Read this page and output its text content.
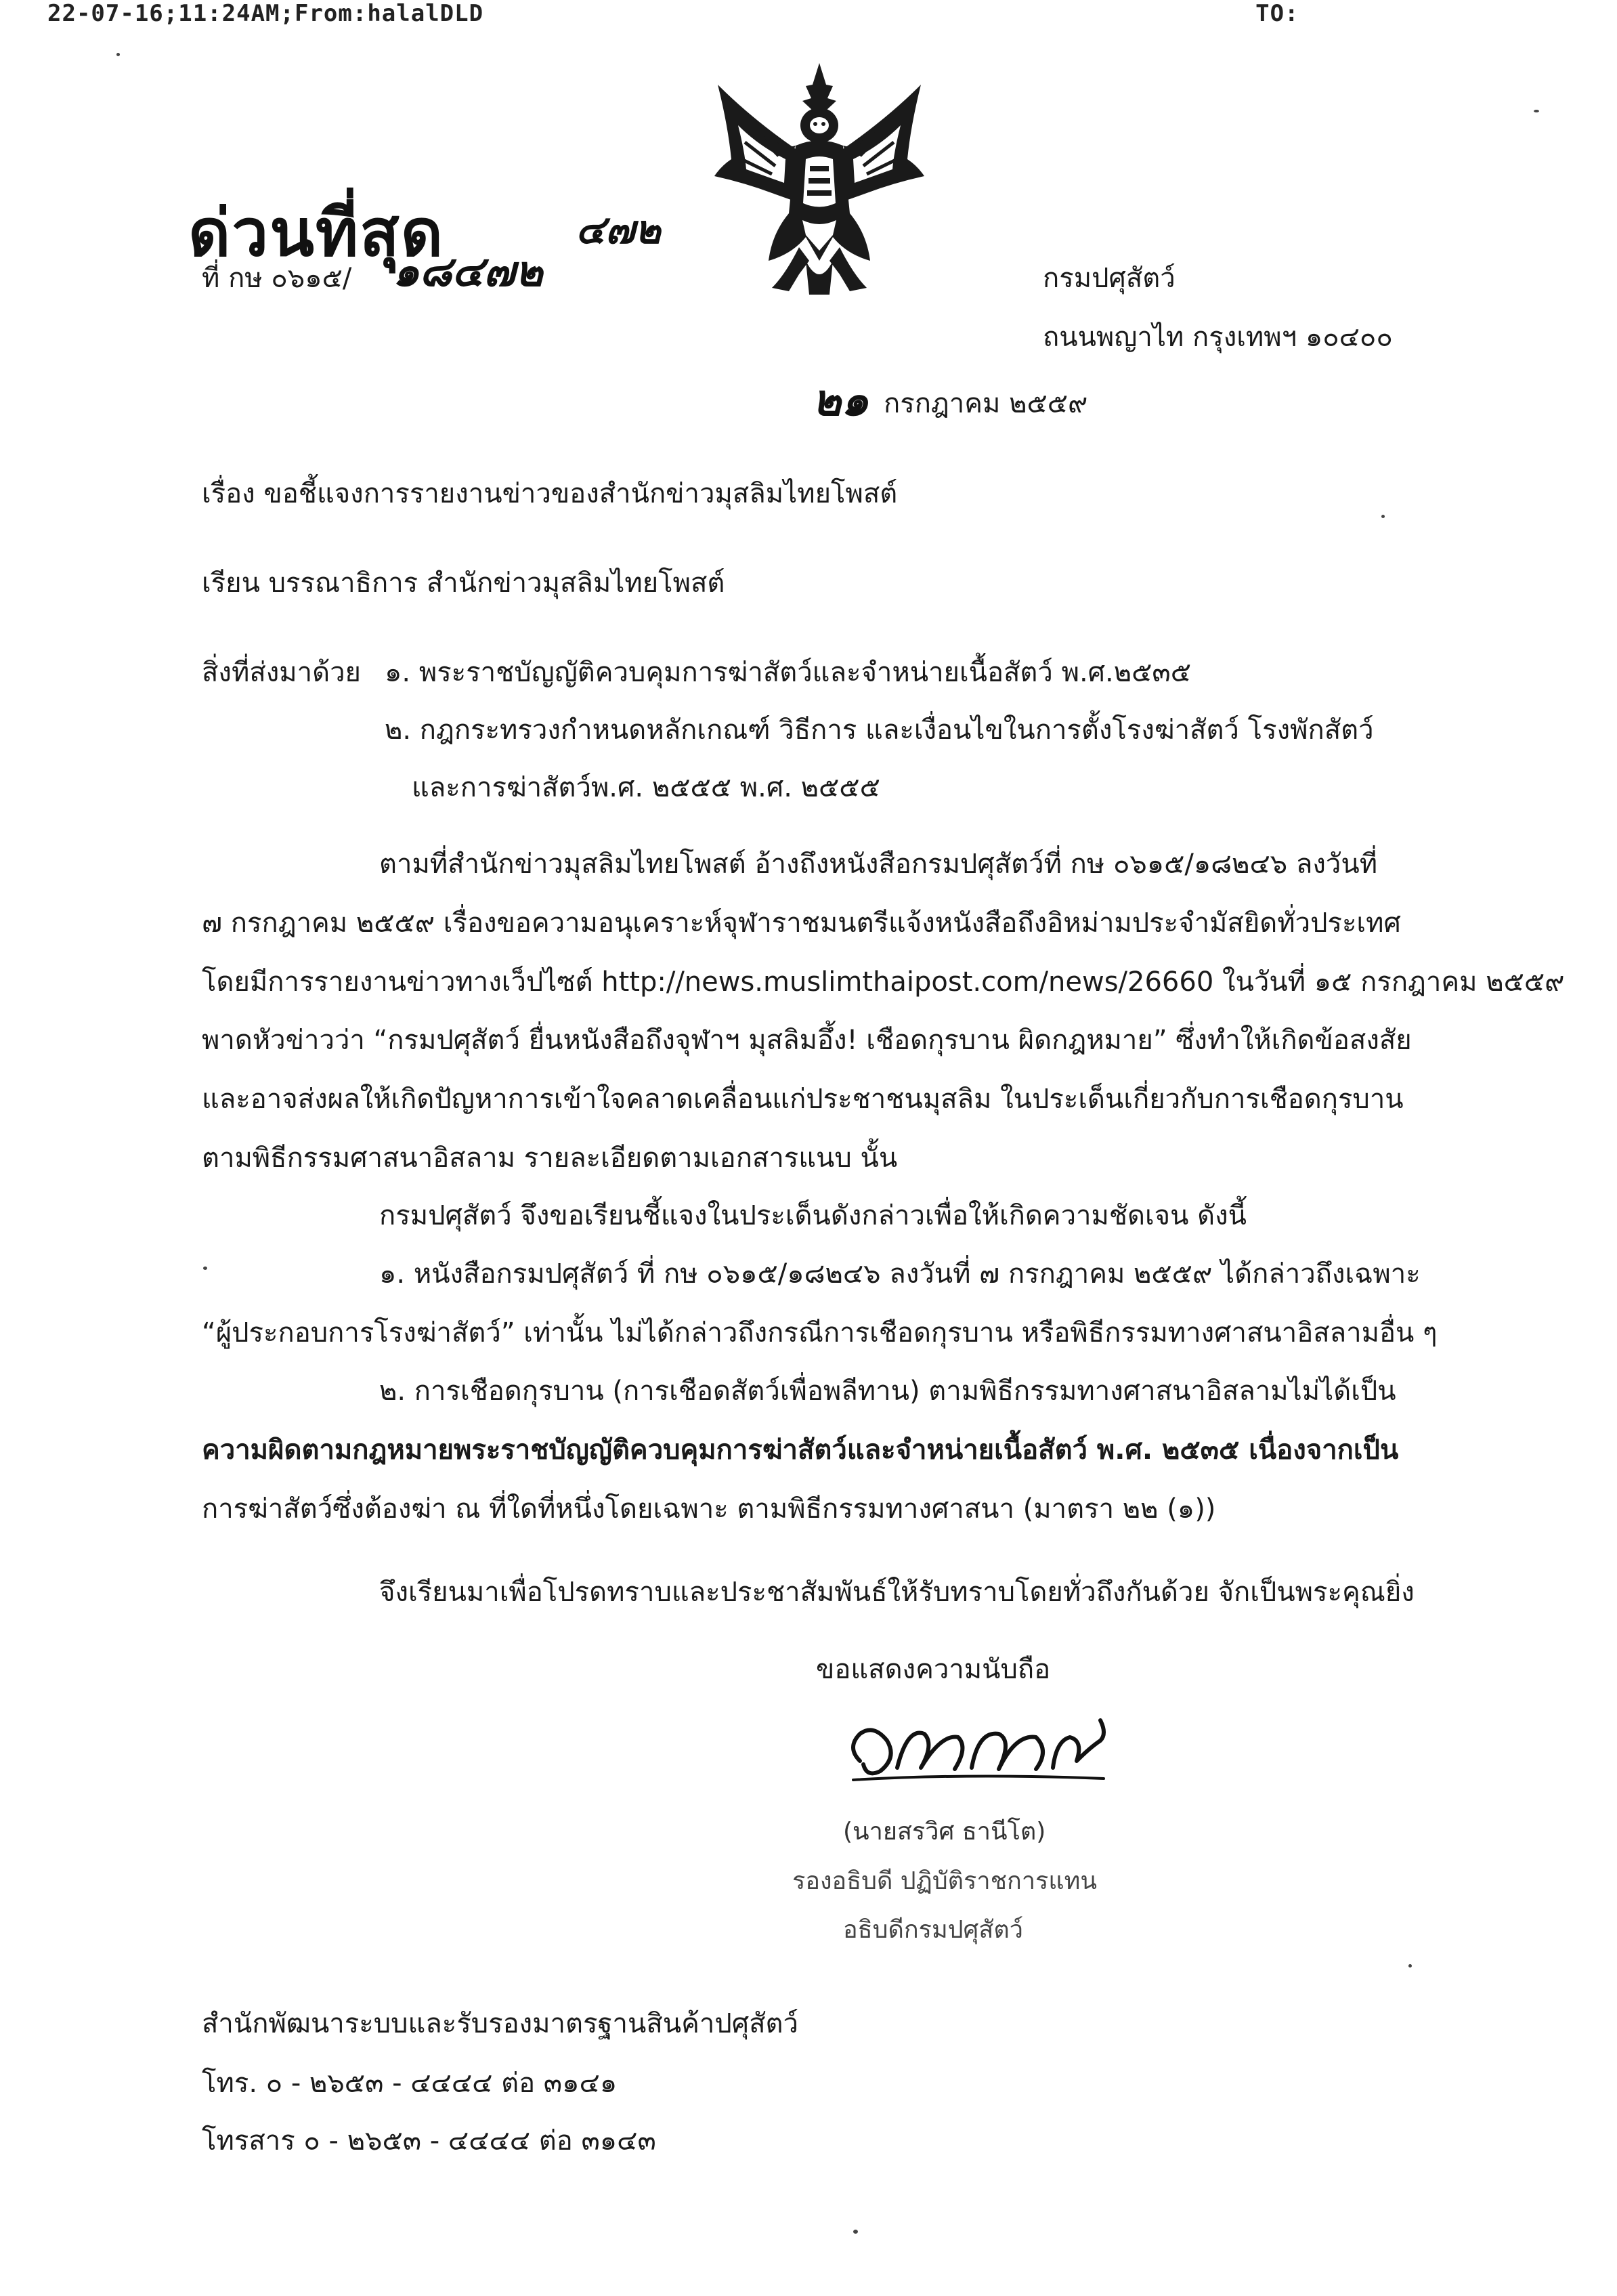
22-07-16;11:24AM;From:halalDLD	TO:
ด่วนที่สุด	๔๗๒
ที่ กษ ๐๖๑๕/ ๑๘๔๗๒	กรมปศุสัตว์
ถนนพญาไท กรุงเทพฯ ๑๐๔๐๐
๒๑ กรกฎาคม ๒๕๕๙
เรื่อง ขอชี้แจงการรายงานข่าวของสำนักข่าวมุสลิมไทยโพสต์
เรียน บรรณาธิการ สำนักข่าวมุสลิมไทยโพสต์
สิ่งที่ส่งมาด้วย ๑. พระราชบัญญัติควบคุมการฆ่าสัตว์และจำหน่ายเนื้อสัตว์ พ.ศ.๒๕๓๕
๒. กฎกระทรวงกำหนดหลักเกณฑ์ วิธีการ และเงื่อนไขในการตั้งโรงฆ่าสัตว์ โรงพักสัตว์
และการฆ่าสัตว์พ.ศ. ๒๕๕๕ พ.ศ. ๒๕๕๕
ตามที่สำนักข่าวมุสลิมไทยโพสต์ อ้างถึงหนังสือกรมปศุสัตว์ที่ กษ ๐๖๑๕/๑๘๒๔๖ ลงวันที่
๗ กรกฎาคม ๒๕๕๙ เรื่องขอความอนุเคราะห์จุฬาราชมนตรีแจ้งหนังสือถึงอิหม่ามประจำมัสยิดทั่วประเทศ
โดยมีการรายงานข่าวทางเว็ปไซต์ http://news.muslimthaipost.com/news/26660 ในวันที่ ๑๕ กรกฎาคม ๒๕๕๙
พาดหัวข่าวว่า “กรมปศุสัตว์ ยื่นหนังสือถึงจุฬาฯ มุสลิมอึ้ง! เชือดกุรบาน ผิดกฎหมาย” ซึ่งทำให้เกิดข้อสงสัย
และอาจส่งผลให้เกิดปัญหาการเข้าใจคลาดเคลื่อนแก่ประชาชนมุสลิม ในประเด็นเกี่ยวกับการเชือดกุรบาน
ตามพิธีกรรมศาสนาอิสลาม รายละเอียดตามเอกสารแนบ นั้น
กรมปศุสัตว์ จึงขอเรียนชี้แจงในประเด็นดังกล่าวเพื่อให้เกิดความชัดเจน ดังนี้
๑. หนังสือกรมปศุสัตว์ ที่ กษ ๐๖๑๕/๑๘๒๔๖ ลงวันที่ ๗ กรกฎาคม ๒๕๕๙ ได้กล่าวถึงเฉพาะ
“ผู้ประกอบการโรงฆ่าสัตว์” เท่านั้น ไม่ได้กล่าวถึงกรณีการเชือดกุรบาน หรือพิธีกรรมทางศาสนาอิสลามอื่น ๆ
๒. การเชือดกุรบาน (การเชือดสัตว์เพื่อพลีทาน) ตามพิธีกรรมทางศาสนาอิสลามไม่ได้เป็น
ความผิดตามกฎหมายพระราชบัญญัติควบคุมการฆ่าสัตว์และจำหน่ายเนื้อสัตว์ พ.ศ. ๒๕๓๕ เนื่องจากเป็น
การฆ่าสัตว์ซึ่งต้องฆ่า ณ ที่ใดที่หนึ่งโดยเฉพาะ ตามพิธีกรรมทางศาสนา (มาตรา ๒๒ (๑))
จึงเรียนมาเพื่อโปรดทราบและประชาสัมพันธ์ให้รับทราบโดยทั่วถึงกันด้วย จักเป็นพระคุณยิ่ง
ขอแสดงความนับถือ
(นายสรวิศ ธานีโต)
รองอธิบดี ปฏิบัติราชการแทน
อธิบดีกรมปศุสัตว์
สำนักพัฒนาระบบและรับรองมาตรฐานสินค้าปศุสัตว์
โทร. ๐ - ๒๖๕๓ - ๔๔๔๔ ต่อ ๓๑๔๑
โทรสาร ๐ - ๒๖๕๓ - ๔๔๔๔ ต่อ ๓๑๔๓
